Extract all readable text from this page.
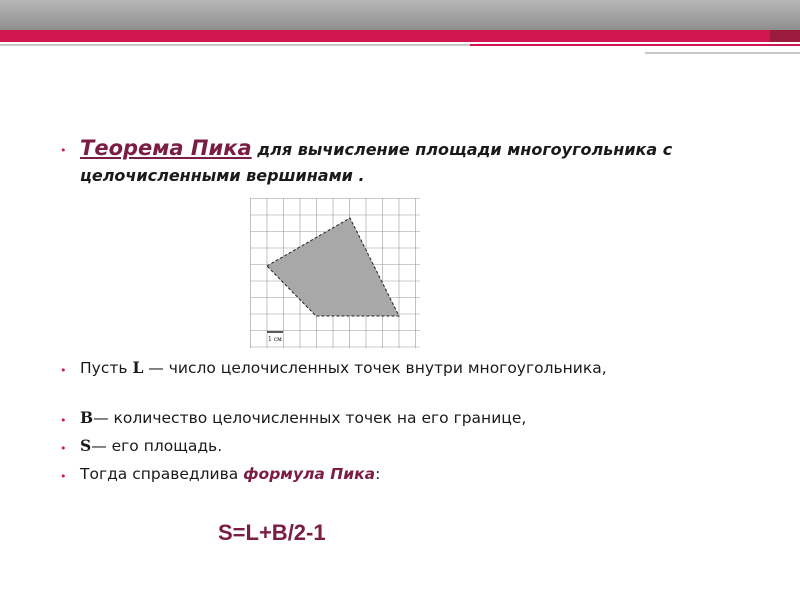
• Теорема Пика для вычисление площади многоугольника с целочисленными вершинами .
1 см
• Пусть L — число целочисленных точек внутри многоугольника,
• B— количество целочисленных точек на его границе,
• S— его площадь.
• Тогда справедлива формула Пика:
S=L+B/2-1
